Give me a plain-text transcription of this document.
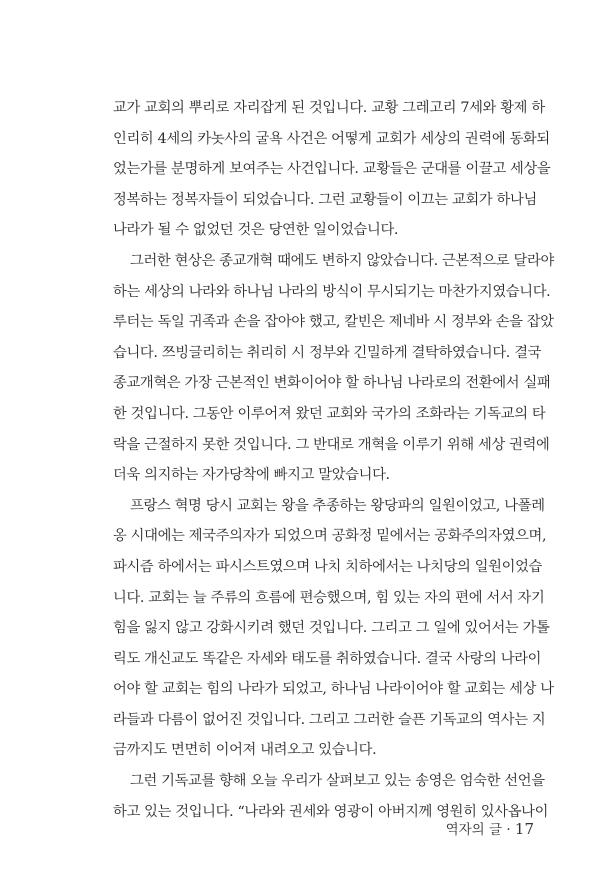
교가 교회의 뿌리로 자리잡게 된 것입니다. 교황 그레고리 7세와 황제 하
인리히 4세의 카놋사의 굴욕 사건은 어떻게 교회가 세상의 권력에 동화되
었는가를 분명하게 보여주는 사건입니다. 교황들은 군대를 이끌고 세상을
정복하는 정복자들이 되었습니다. 그런 교황들이 이끄는 교회가 하나님
나라가 될 수 없었던 것은 당연한 일이었습니다.
그러한 현상은 종교개혁 때에도 변하지 않았습니다. 근본적으로 달라야
하는 세상의 나라와 하나님 나라의 방식이 무시되기는 마찬가지였습니다.
루터는 독일 귀족과 손을 잡아야 했고, 칼빈은 제네바 시 정부와 손을 잡았
습니다. 쯔빙글리히는 취리히 시 정부와 긴밀하게 결탁하였습니다. 결국
종교개혁은 가장 근본적인 변화이어야 할 하나님 나라로의 전환에서 실패
한 것입니다. 그동안 이루어져 왔던 교회와 국가의 조화라는 기독교의 타
락을 근절하지 못한 것입니다. 그 반대로 개혁을 이루기 위해 세상 권력에
더욱 의지하는 자가당착에 빠지고 말았습니다.
프랑스 혁명 당시 교회는 왕을 추종하는 왕당파의 일원이었고, 나폴레
옹 시대에는 제국주의자가 되었으며 공화정 밑에서는 공화주의자였으며,
파시즘 하에서는 파시스트였으며 나치 치하에서는 나치당의 일원이었습
니다. 교회는 늘 주류의 흐름에 편승했으며, 힘 있는 자의 편에 서서 자기
힘을 잃지 않고 강화시키려 했던 것입니다. 그리고 그 일에 있어서는 가톨
릭도 개신교도 똑같은 자세와 태도를 취하였습니다. 결국 사랑의 나라이
어야 할 교회는 힘의 나라가 되었고, 하나님 나라이어야 할 교회는 세상 나
라들과 다름이 없어진 것입니다. 그리고 그러한 슬픈 기독교의 역사는 지
금까지도 면면히 이어져 내려오고 있습니다.
그런 기독교를 향해 오늘 우리가 살펴보고 있는 송영은 엄숙한 선언을
하고 있는 것입니다. “나라와 권세와 영광이 아버지께 영원히 있사옵나이
역자의 글 · 17
